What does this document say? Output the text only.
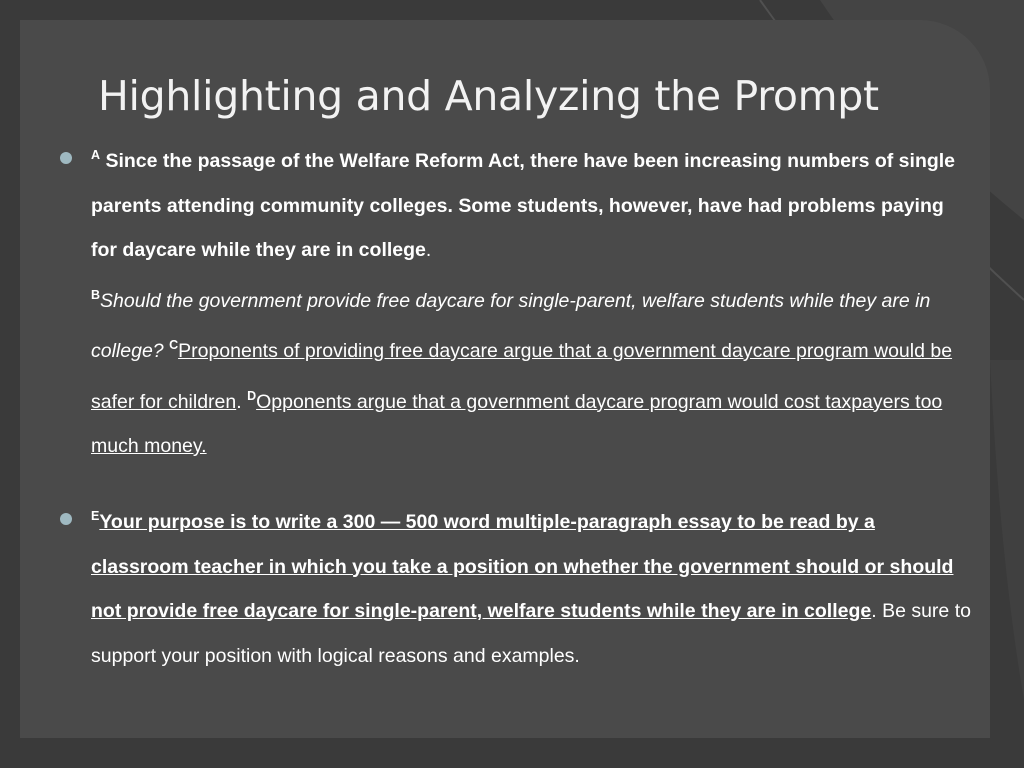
Highlighting and Analyzing the Prompt
$^A$ Since the passage of the Welfare Reform Act, there have been increasing numbers of single parents attending community colleges. Some students, however, have had problems paying for daycare while they are in college.
$^B$Should the government provide free daycare for single-parent, welfare students while they are in college? $^C$Proponents of providing free daycare argue that a government daycare program would be safer for children. $^D$Opponents argue that a government daycare program would cost taxpayers too much money.
$^E$Your purpose is to write a 300 — 500 word multiple-paragraph essay to be read by a classroom teacher in which you take a position on whether the government should or should not provide free daycare for single-parent, welfare students while they are in college. Be sure to support your position with logical reasons and examples.
